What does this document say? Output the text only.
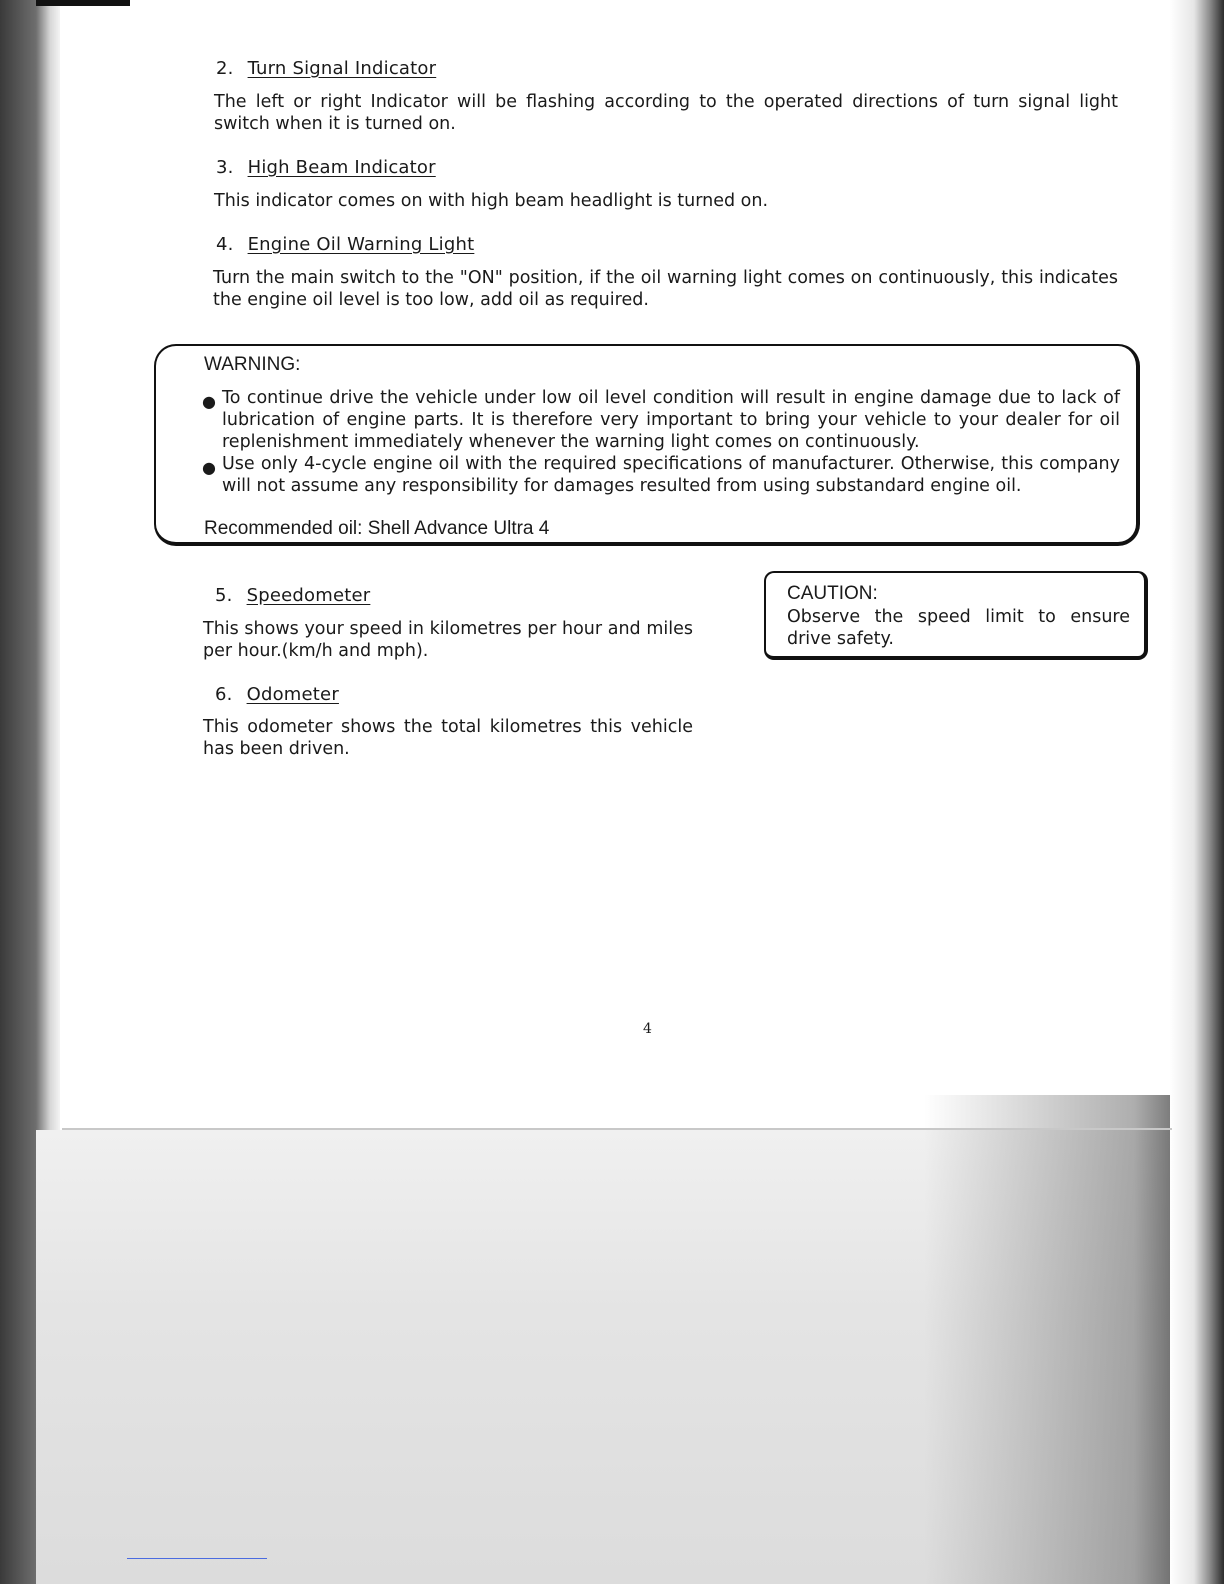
2. Turn Signal Indicator
The left or right Indicator will be flashing according to the operated directions of turn signal light switch when it is turned on.
3. High Beam Indicator
This indicator comes on with high beam headlight is turned on.
4. Engine Oil Warning Light
Turn the main switch to the "ON" position, if the oil warning light comes on continuously, this indicates the engine oil level is too low, add oil as required.
WARNING:
● To continue drive the vehicle under low oil level condition will result in engine damage due to lack of lubrication of engine parts. It is therefore very important to bring your vehicle to your dealer for oil replenishment immediately whenever the warning light comes on continuously.
● Use only 4-cycle engine oil with the required specifications of manufacturer. Otherwise, this company will not assume any responsibility for damages resulted from using substandard engine oil.
Recommended oil: Shell Advance Ultra 4
5. Speedometer
This shows your speed in kilometres per hour and miles per hour.(km/h and mph).
CAUTION:
Observe the speed limit to ensure drive safety.
6. Odometer
This odometer shows the total kilometres this vehicle has been driven.
4
